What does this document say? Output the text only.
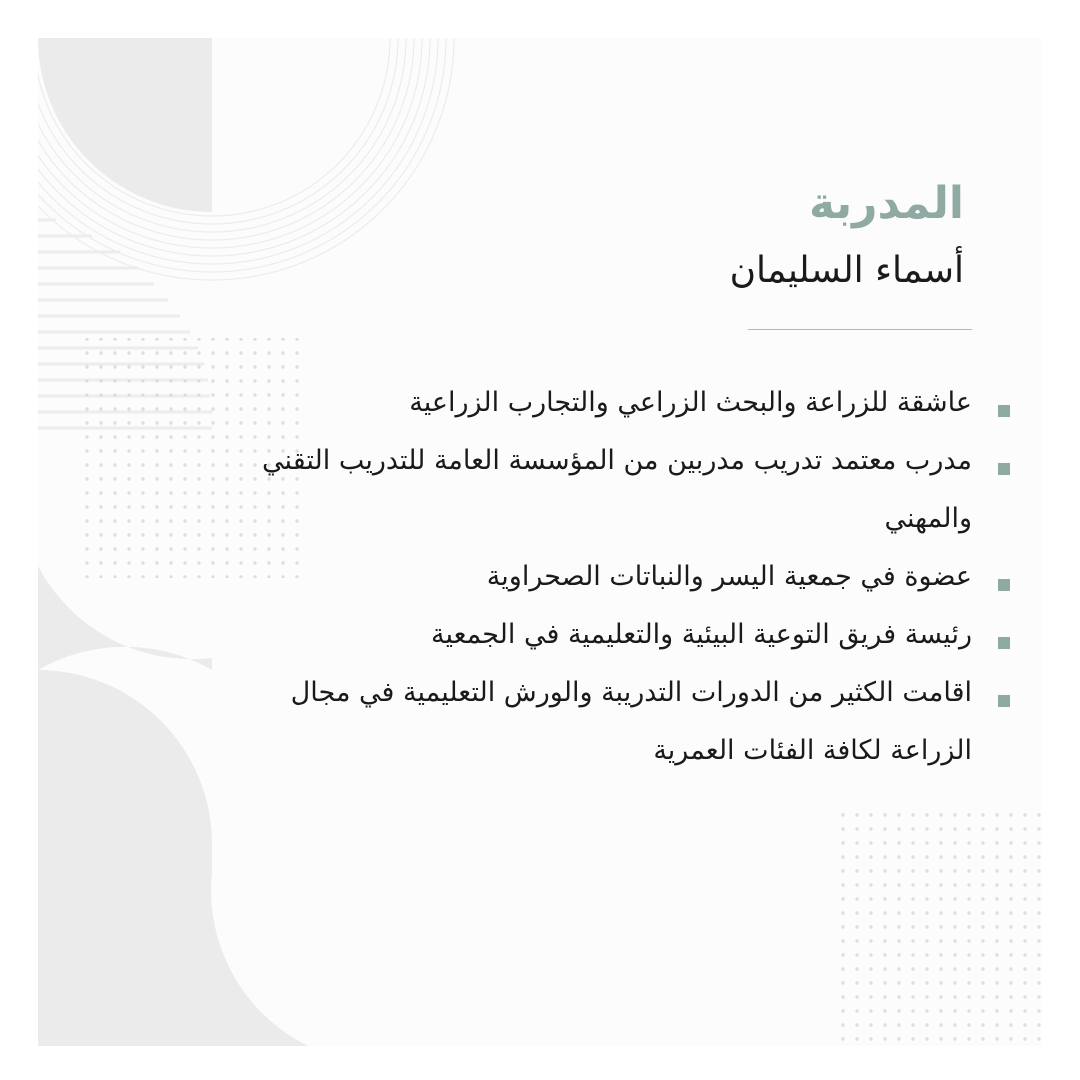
المدربة
أسماء السليمان
عاشقة للزراعة والبحث الزراعي والتجارب الزراعية
مدرب معتمد تدريب مدربين من المؤسسة العامة للتدريب التقني والمهني
عضوة في جمعية اليسر والنباتات الصحراوية
رئيسة فريق التوعية البيئية والتعليمية في الجمعية
اقامت الكثير من الدورات التدريبة والورش التعليمية في مجال الزراعة لكافة الفئات العمرية
